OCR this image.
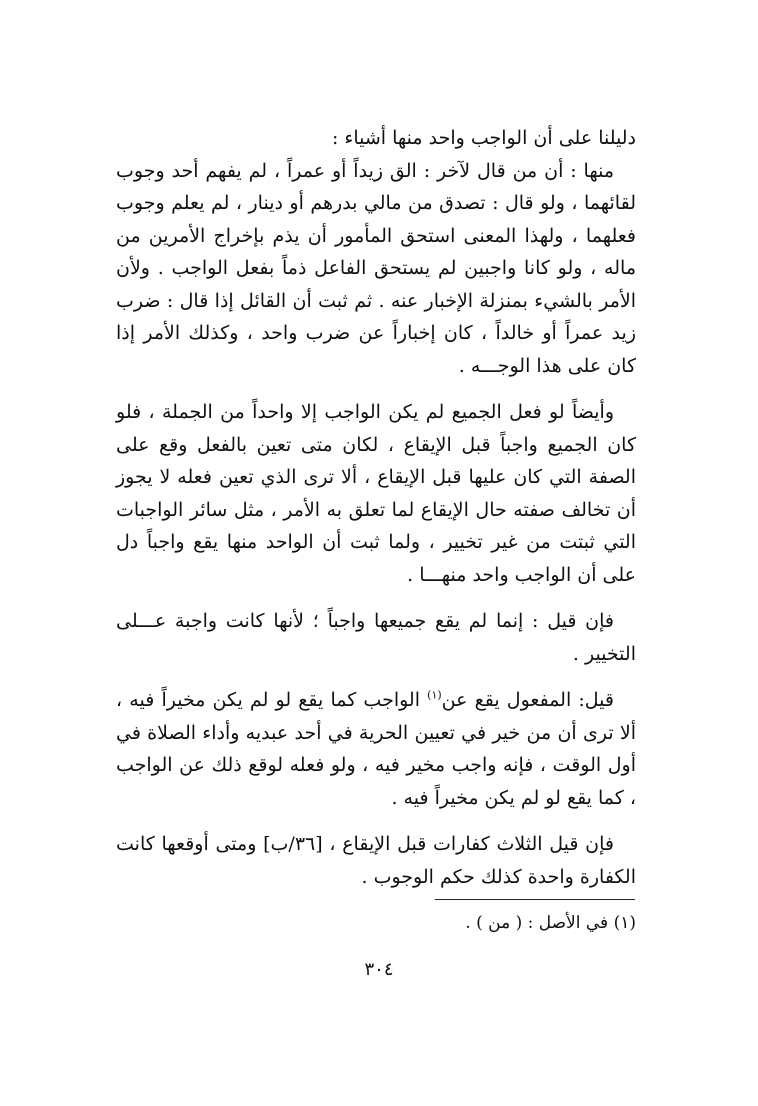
دليلنا على أن الواجب واحد منها أشياء :

منها : أن من قال لآخر : الق زيداً أو عمراً ، لم يفهم أحد وجوب لقائهما ، ولو قال : تصدق من مالي بدرهم أو دينار ، لم يعلم وجوب فعلهما ، ولهذا المعنى استحق المأمور أن يذم بإخراج الأمرين من ماله ، ولو كانا واجبين لم يستحق الفاعل ذماً بفعل الواجب . ولأن الأمر بالشيء بمنزلة الإخبار عنه . ثم ثبت أن القائل إذا قال : ضرب زيد عمراً أو خالداً ، كان إخباراً عن ضرب واحد ، وكذلك الأمر إذا كان على هذا الوجـــه .

وأيضاً لو فعل الجميع لم يكن الواجب إلا واحداً من الجملة ، فلو كان الجميع واجباً قبل الإيقاع ، لكان متى تعين بالفعل وقع على الصفة التي كان عليها قبل الإيقاع ، ألا ترى الذي تعين فعله لا يجوز أن تخالف صفته حال الإيقاع لما تعلق به الأمر ، مثل سائر الواجبات التي ثبتت من غير تخيير ، ولما ثبت أن الواحد منها يقع واجباً دل على أن الواجب واحد منهـــا .

فإن قيل : إنما لم يقع جميعها واجباً ؛ لأنها كانت واجبة عـــلى التخيير .

قيل: المفعول يقع عن$^{(١)}$ الواجب كما يقع لو لم يكن مخيراً فيه ، ألا ترى أن من خير في تعيين الحرية في أحد عبديه وأداء الصلاة في أول الوقت ، فإنه واجب مخير فيه ، ولو فعله لوقع ذلك عن الواجب ، كما يقع لو لم يكن مخيراً فيه .

فإن قيل الثلاث كفارات قبل الإيقاع ، [٣٦/ب] ومتى أوقعها كانت الكفارة واحدة كذلك حكم الوجوب .

(١) في الأصل : ( من ) .
٣٠٤
